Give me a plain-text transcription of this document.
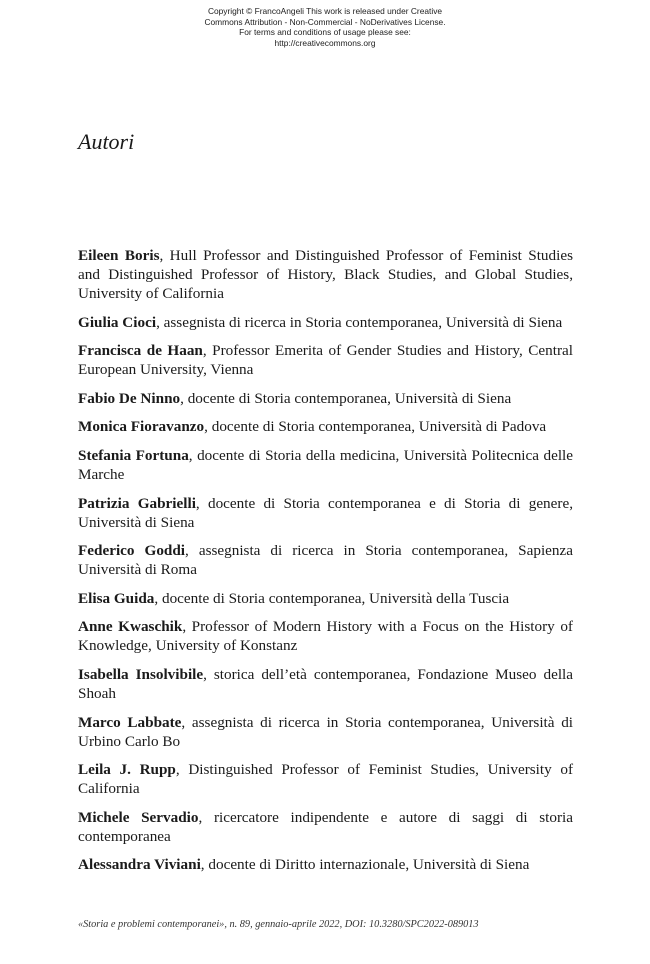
Copyright © FrancoAngeli This work is released under Creative
Commons Attribution - Non-Commercial - NoDerivatives License.
For terms and conditions of usage please see:
http://creativecommons.org
Autori

Eileen Boris, Hull Professor and Distinguished Professor of Feminist Studies and Distinguished Professor of History, Black Studies, and Global Studies, University of California

Giulia Cioci, assegnista di ricerca in Storia contemporanea, Università di Siena

Francisca de Haan, Professor Emerita of Gender Studies and History, Central European University, Vienna

Fabio De Ninno, docente di Storia contemporanea, Università di Siena

Monica Fioravanzo, docente di Storia contemporanea, Università di Padova

Stefania Fortuna, docente di Storia della medicina, Università Politecnica delle Marche

Patrizia Gabrielli, docente di Storia contemporanea e di Storia di genere, Università di Siena

Federico Goddi, assegnista di ricerca in Storia contemporanea, Sapienza Università di Roma

Elisa Guida, docente di Storia contemporanea, Università della Tuscia

Anne Kwaschik, Professor of Modern History with a Focus on the History of Knowledge, University of Konstanz

Isabella Insolvibile, storica dell’età contemporanea, Fondazione Museo della Shoah

Marco Labbate, assegnista di ricerca in Storia contemporanea, Università di Urbino Carlo Bo

Leila J. Rupp, Distinguished Professor of Feminist Studies, University of California

Michele Servadio, ricercatore indipendente e autore di saggi di storia contemporanea

Alessandra Viviani, docente di Diritto internazionale, Università di Siena

«Storia e problemi contemporanei», n. 89, gennaio-aprile 2022, DOI: 10.3280/SPC2022-089013
